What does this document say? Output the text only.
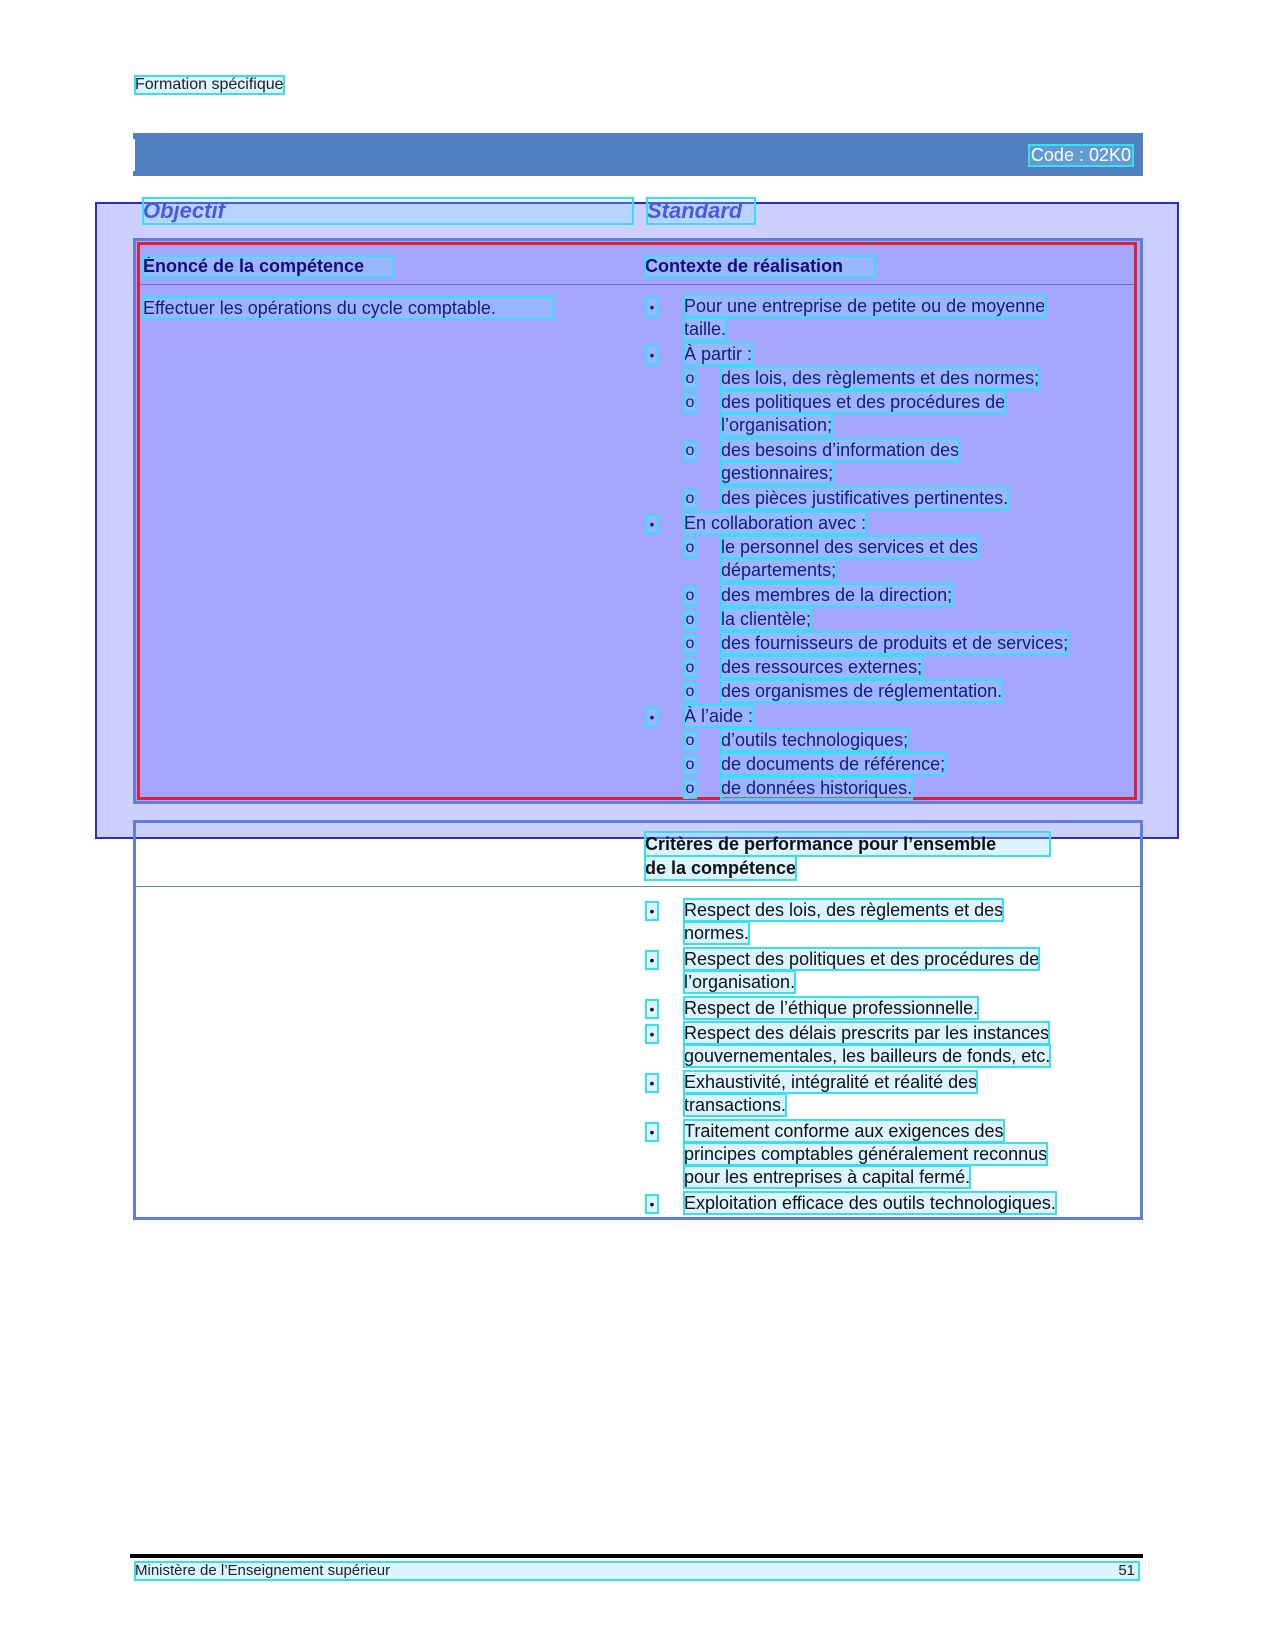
Formation spécifique
Code : 02K0
Objectif	Standard
Énoncé de la compétence	Contexte de réalisation
Effectuer les opérations du cycle comptable.	• Pour une entreprise de petite ou de moyenne
taille.
• À partir :
o des lois, des règlements et des normes;
o des politiques et des procédures de
l’organisation;
o des besoins d’information des
gestionnaires;
o des pièces justificatives pertinentes.
• En collaboration avec :
o le personnel des services et des
départements;
o des membres de la direction;
o la clientèle;
o des fournisseurs de produits et de services;
o des ressources externes;
o des organismes de réglementation.
• À l’aide :
o d’outils technologiques;
o de documents de référence;
o de données historiques.
Critères de performance pour l’ensemble
de la compétence
• Respect des lois, des règlements et des
normes.
• Respect des politiques et des procédures de
l’organisation.
• Respect de l’éthique professionnelle.
• Respect des délais prescrits par les instances
gouvernementales, les bailleurs de fonds, etc.
• Exhaustivité, intégralité et réalité des
transactions.
• Traitement conforme aux exigences des
principes comptables généralement reconnus
pour les entreprises à capital fermé.
• Exploitation efficace des outils technologiques.
Ministère de l’Enseignement supérieur	51
